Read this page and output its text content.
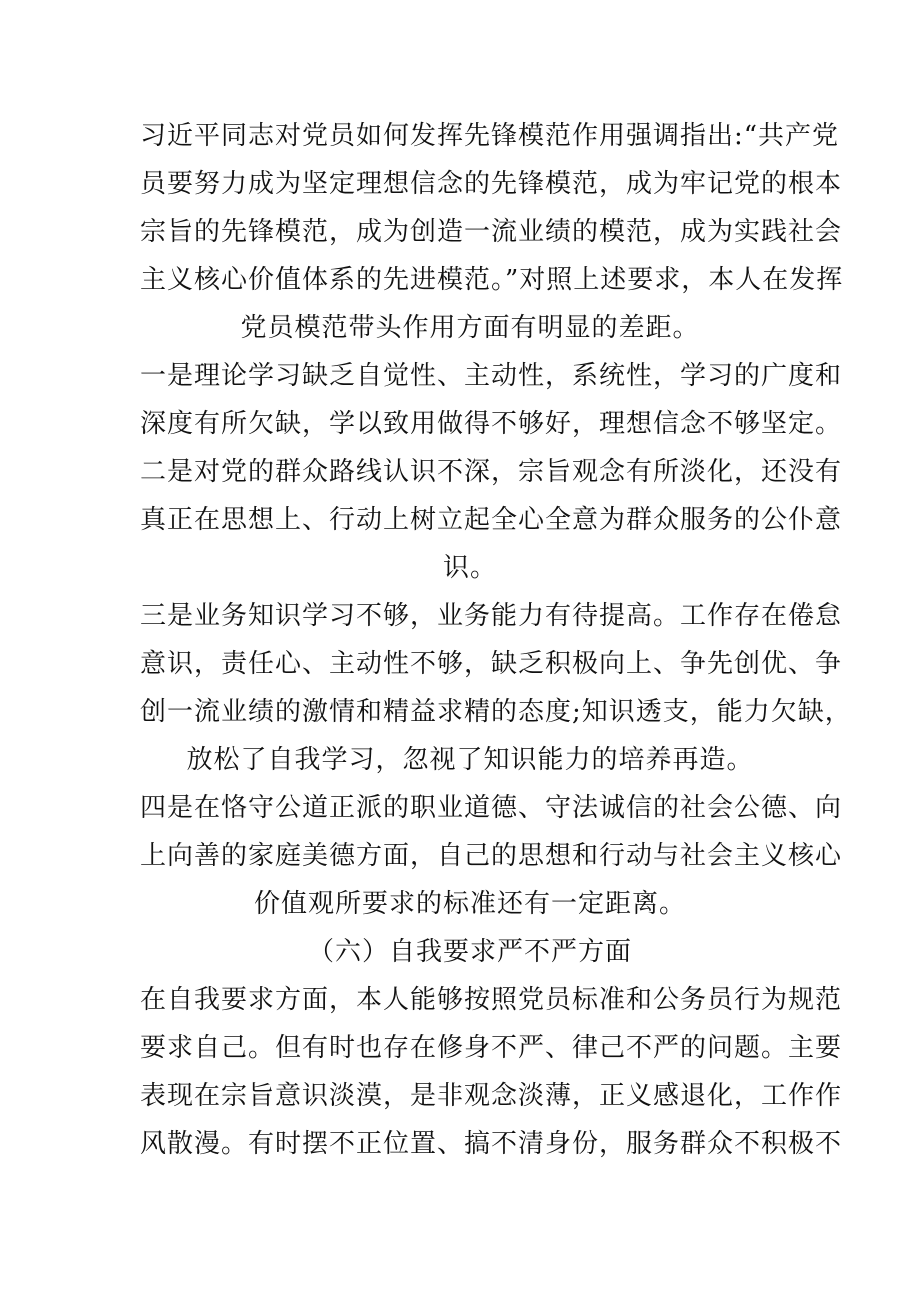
习近平同志对党员如何发挥先锋模范作用强调指出:“共产党
员要努力成为坚定理想信念的先锋模范，成为牢记党的根本
宗旨的先锋模范，成为创造一流业绩的模范，成为实践社会
主义核心价值体系的先进模范。”对照上述要求，本人在发挥
党员模范带头作用方面有明显的差距。
一是理论学习缺乏自觉性、主动性，系统性，学习的广度和
深度有所欠缺，学以致用做得不够好，理想信念不够坚定。
二是对党的群众路线认识不深，宗旨观念有所淡化，还没有
真正在思想上、行动上树立起全心全意为群众服务的公仆意
识。
三是业务知识学习不够，业务能力有待提高。工作存在倦怠
意识，责任心、主动性不够，缺乏积极向上、争先创优、争
创一流业绩的激情和精益求精的态度;知识透支，能力欠缺，
放松了自我学习，忽视了知识能力的培养再造。
四是在恪守公道正派的职业道德、守法诚信的社会公德、向
上向善的家庭美德方面，自己的思想和行动与社会主义核心
价值观所要求的标准还有一定距离。
（六）自我要求严不严方面
在自我要求方面，本人能够按照党员标准和公务员行为规范
要求自己。但有时也存在修身不严、律己不严的问题。主要
表现在宗旨意识淡漠，是非观念淡薄，正义感退化，工作作
风散漫。有时摆不正位置、搞不清身份，服务群众不积极不
